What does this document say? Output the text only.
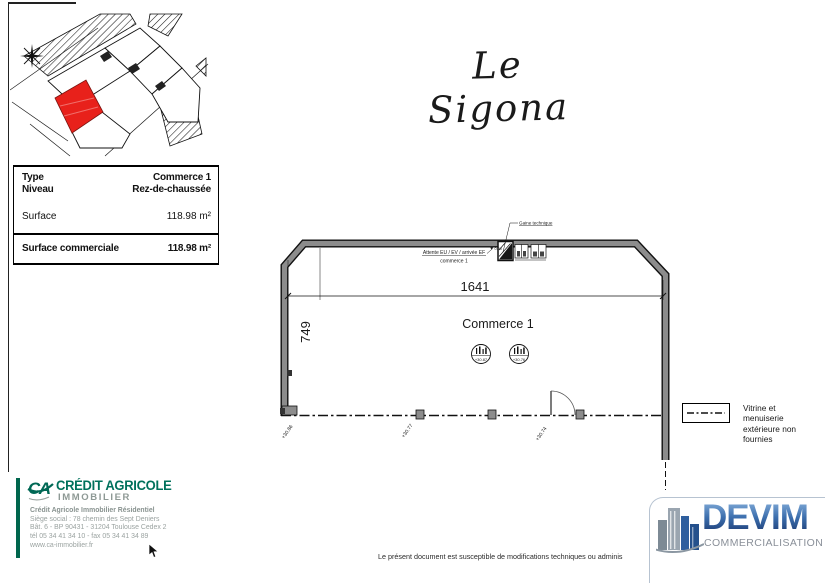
Le Sigona
Type	Commerce 1
Niveau	Rez-de-chaussée
Surface	118.98 m²
Surface commerciale	118.98 m²
1641
749	Commerce 1
+30.87	+30.76
Gaine technique
Attente EU / EV / arrivée EF
commerce 1
0.00
+30.86	+30.77	+30.74
Vitrine et menuiserie extérieure non fournies
CA CRÉDIT AGRICOLE
IMMOBILIER
Crédit Agricole Immobilier Résidentiel
Siège social : 78 chemin des Sept Deniers
Bât. 6 - BP 90431 - 31204 Toulouse Cedex 2
tél 05 34 41 34 10 - fax 05 34 41 34 89
www.ca-immobilier.fr
Le présent document est susceptible de modifications techniques ou adminis
DEVIM
COMMERCIALISATION
